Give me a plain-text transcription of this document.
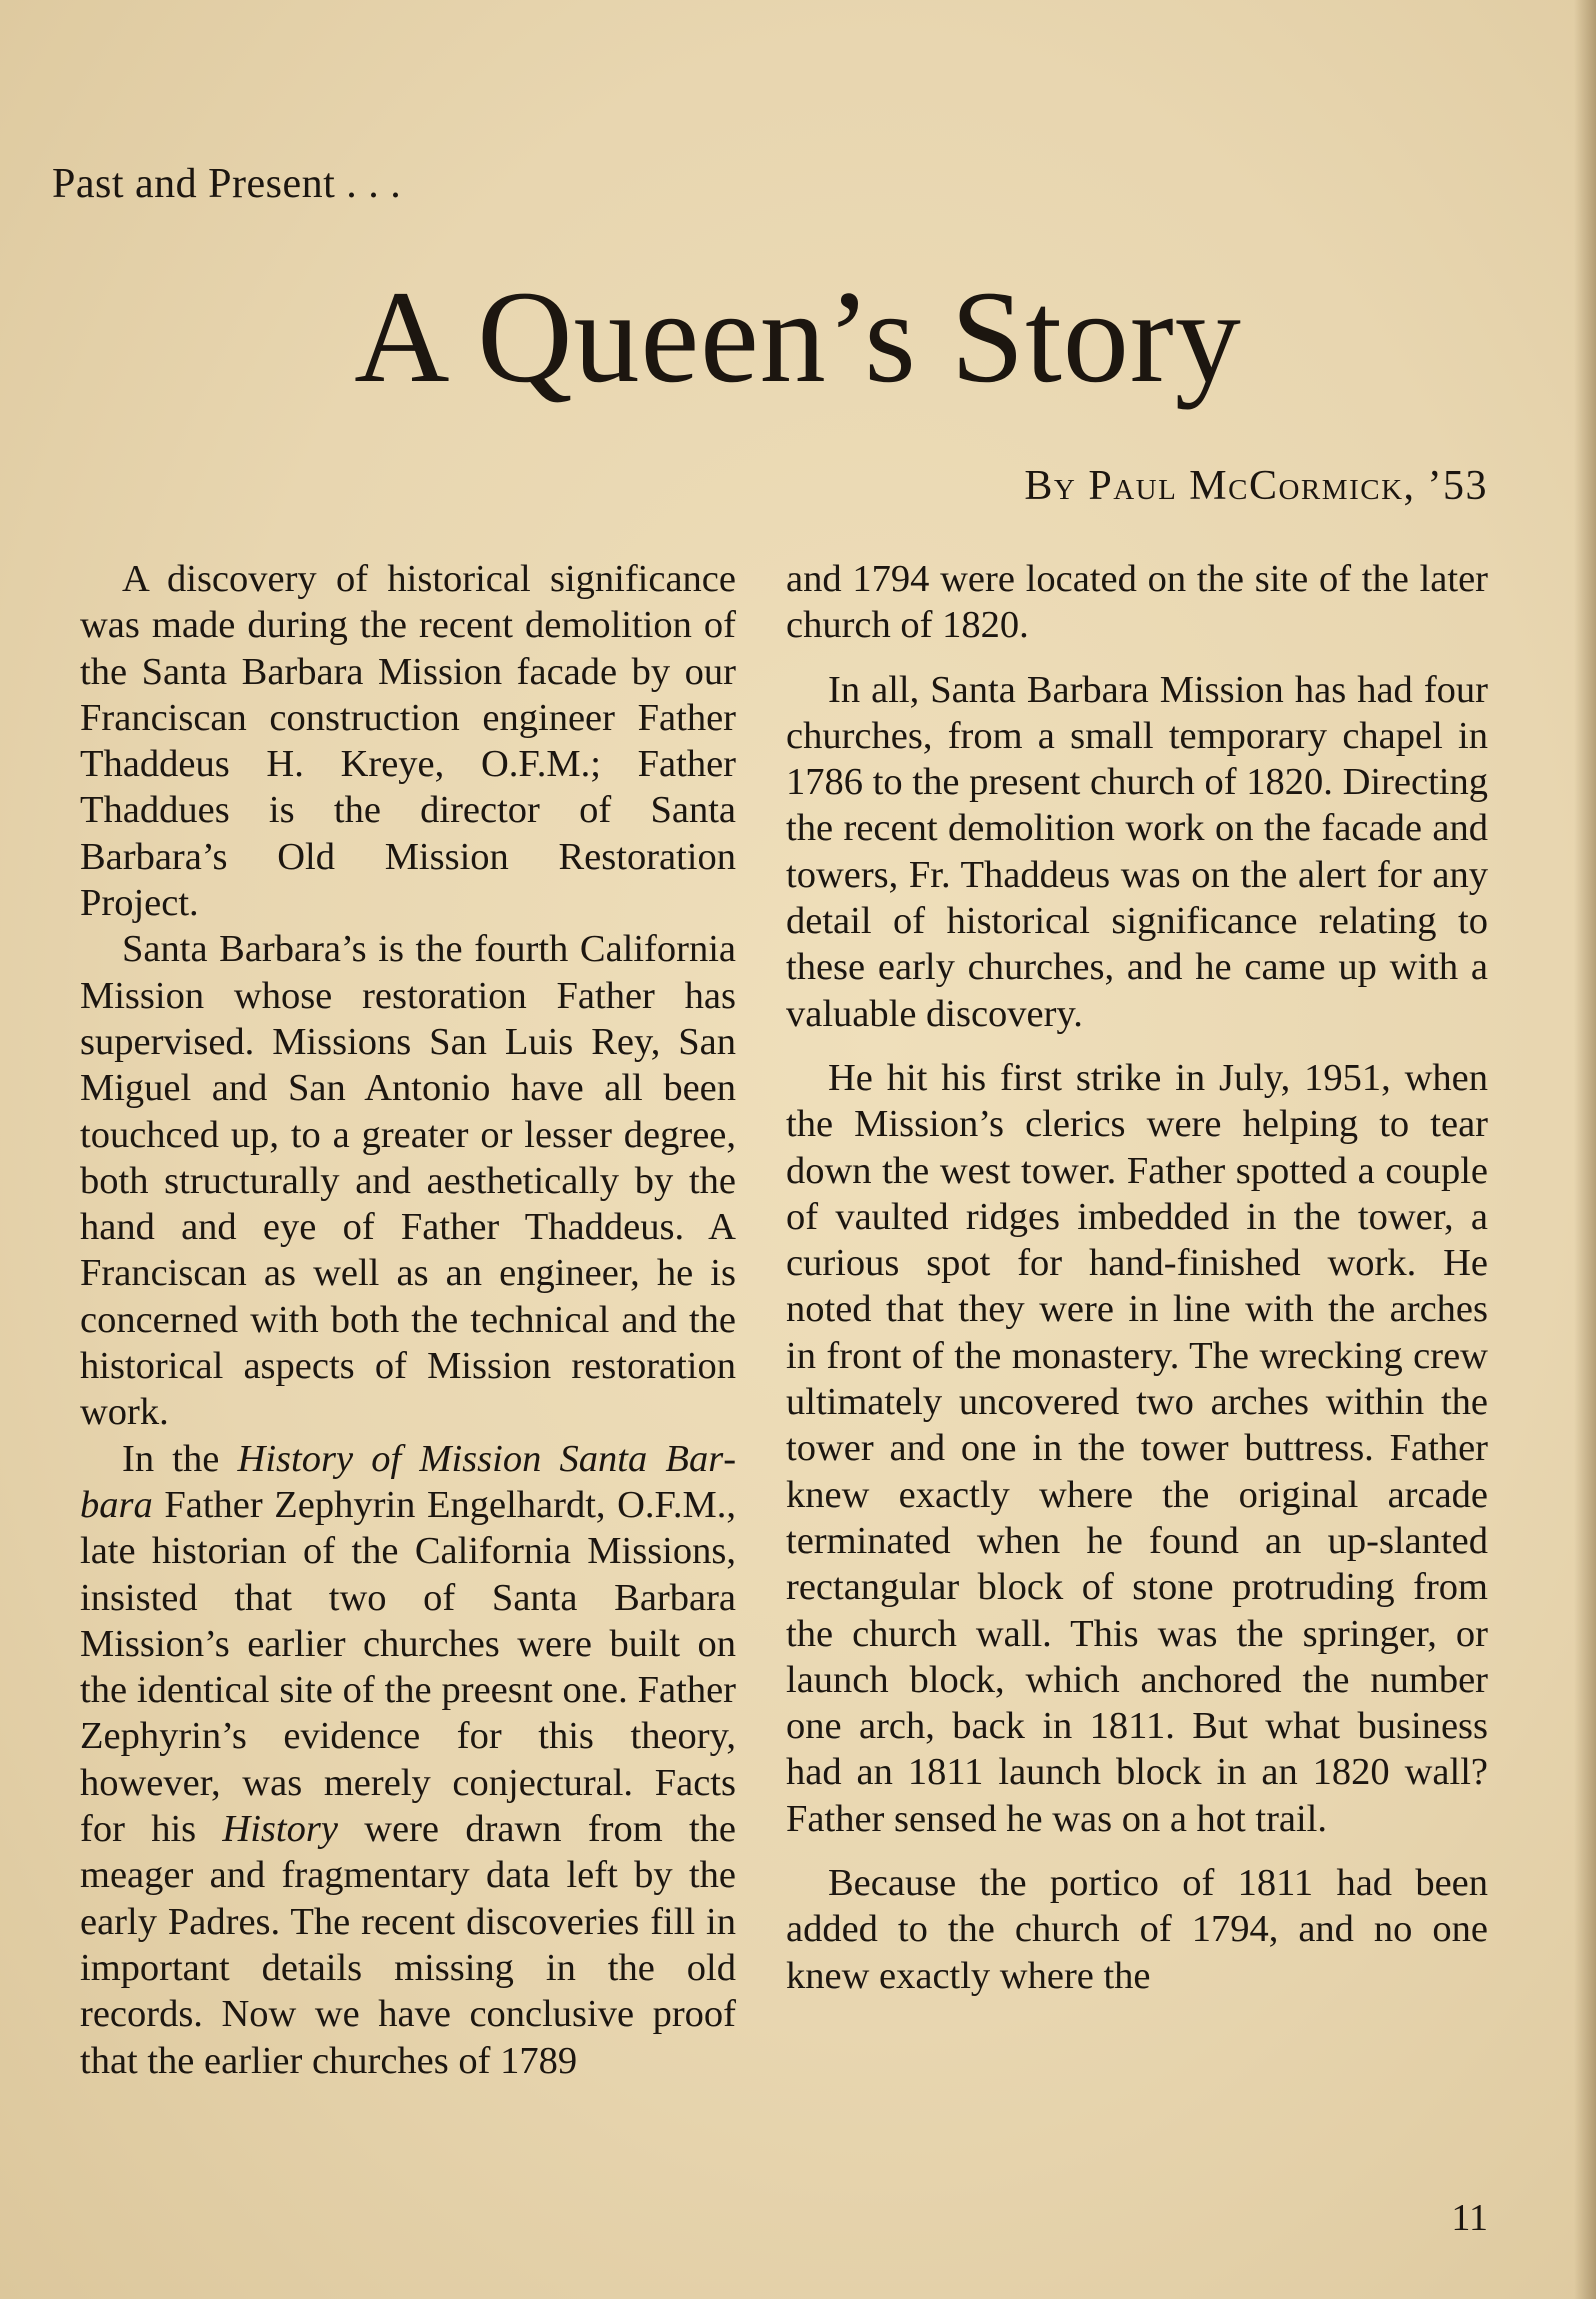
Past and Present . . .
A Queen’s Story
By Paul McCormick, ’53

A discovery of historical significance was made during the recent demolition of the Santa Barbara Mission facade by our Franciscan construction engineer Father Thaddeus H. Kreye, O.F.M.; Father Thaddues is the director of Santa Barbara’s Old Mission Restoration Project.

Santa Barbara’s is the fourth California Mission whose restoration Father has supervised. Missions San Luis Rey, San Miguel and San Antonio have all been touchced up, to a greater or lesser degree, both structurally and aesthetically by the hand and eye of Father Thaddeus. A Franciscan as well as an engineer, he is concerned with both the technical and the historical aspects of Mission restoration work.

In the History of Mission Santa Barbara Father Zephyrin Engelhardt, O.F.M., late historian of the California Missions, insisted that two of Santa Barbara Mission’s earlier churches were built on the identical site of the preesnt one. Father Zephyrin’s evidence for this theory, however, was merely conjectural. Facts for his History were drawn from the meager and fragmentary data left by the early Padres. The recent discoveries fill in important details missing in the old records. Now we have conclusive proof that the earlier churches of 1789

and 1794 were located on the site of the later church of 1820.

In all, Santa Barbara Mission has had four churches, from a small temporary chapel in 1786 to the present church of 1820. Directing the recent demolition work on the facade and towers, Fr. Thaddeus was on the alert for any detail of historical significance relating to these early churches, and he came up with a valuable discovery.

He hit his first strike in July, 1951, when the Mission’s clerics were helping to tear down the west tower. Father spotted a couple of vaulted ridges imbedded in the tower, a curious spot for hand-finished work. He noted that they were in line with the arches in front of the monastery. The wrecking crew ultimately uncovered two arches within the tower and one in the tower buttress. Father knew exactly where the original arcade terminated when he found an up-slanted rectangular block of stone protruding from the church wall. This was the springer, or launch block, which anchored the number one arch, back in 1811. But what business had an 1811 launch block in an 1820 wall? Father sensed he was on a hot trail.

Because the portico of 1811 had been added to the church of 1794, and no one knew exactly where the

11
